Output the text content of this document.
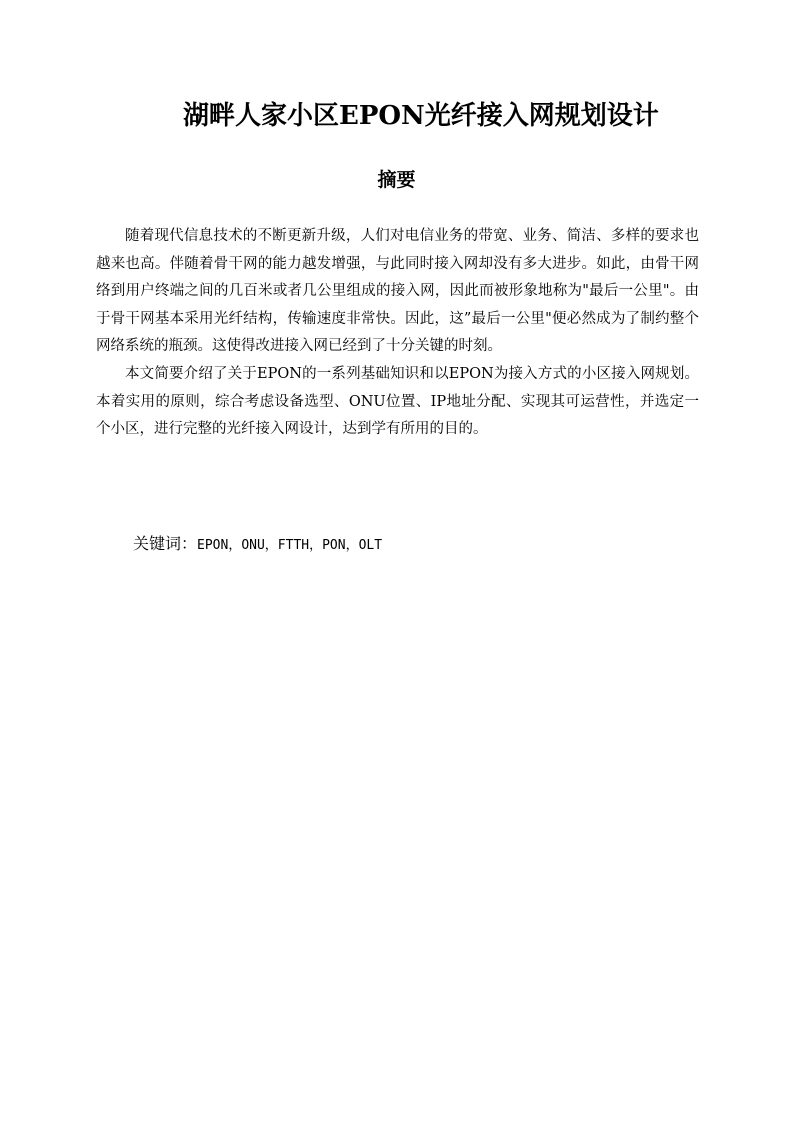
湖畔人家小区EPON光纤接入网规划设计
摘要

随着现代信息技术的不断更新升级，人们对电信业务的带宽、业务、简洁、多样的要求也越来也高。伴随着骨干网的能力越发增强，与此同时接入网却没有多大进步。如此，由骨干网络到用户终端之间的几百米或者几公里组成的接入网，因此而被形象地称为"最后一公里"。由于骨干网基本采用光纤结构，传输速度非常快。因此，这”最后一公里"便必然成为了制约整个网络系统的瓶颈。这使得改进接入网已经到了十分关键的时刻。

本文简要介绍了关于EPON的一系列基础知识和以EPON为接入方式的小区接入网规划。本着实用的原则，综合考虑设备选型、ONU位置、IP地址分配、实现其可运营性，并选定一个小区，进行完整的光纤接入网设计，达到学有所用的目的。

关键词：EPON，ONU，FTTH，PON，OLT
